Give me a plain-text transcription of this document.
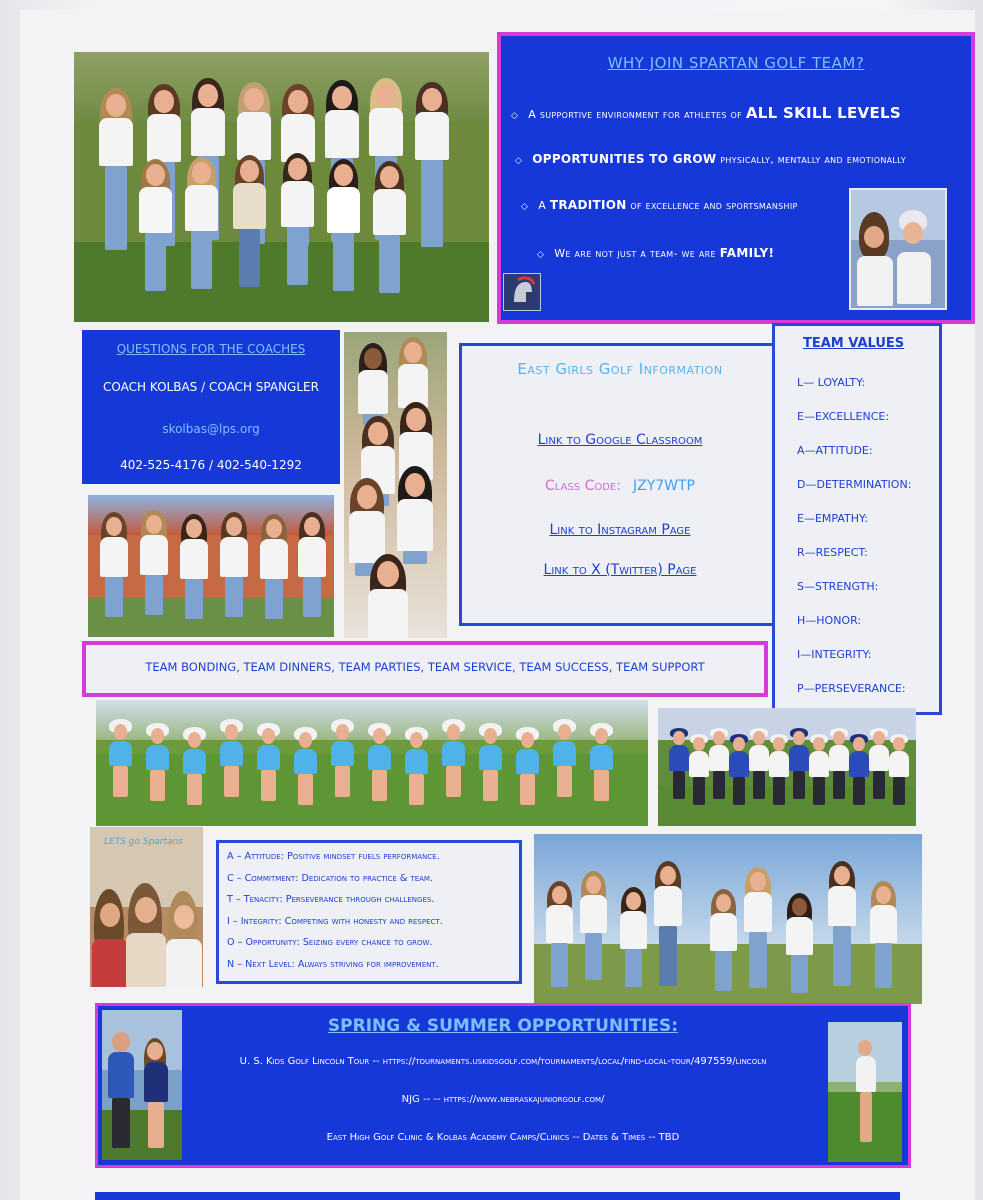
WHY JOIN SPARTAN GOLF TEAM?
◇ A supportive environment for athletes of ALL SKILL LEVELS
◇ OPPORTUNITIES TO GROW physically, mentally and emotionally
◇ A TRADITION of excellence and sportsmanship
◇ We are not just a team- we are FAMILY!
QUESTIONS FOR THE COACHES
COACH KOLBAS / COACH SPANGLER
skolbas@lps.org
402-525-4176 / 402-540-1292
East Girls Golf Information
Link to Google Classroom
Class Code: JZY7WTP
Link to Instagram Page
Link to X (Twitter) Page
TEAM VALUES
L— LOYALTY:
E—EXCELLENCE:
A—ATTITUDE:
D—DETERMINATION:
E—EMPATHY:
R—RESPECT:
S—STRENGTH:
H—HONOR:
I—INTEGRITY:
P—PERSEVERANCE:
TEAM BONDING, TEAM DINNERS, TEAM PARTIES, TEAM SERVICE, TEAM SUCCESS, TEAM SUPPORT
LETS go Spartans
A – Attitude: Positive mindset fuels performance.
C – Commitment: Dedication to practice & team.
T – Tenacity: Perseverance through challenges.
I – Integrity: Competing with honesty and respect.
O – Opportunity: Seizing every chance to grow.
N – Next Level: Always striving for improvement.
SPRING & SUMMER OPPORTUNITIES:
U. S. Kids Golf Lincoln Tour -- https://tournaments.uskidsgolf.com/tournaments/local/find-local-tour/497559/lincoln
NJG -- -- https://www.nebraskajuniorgolf.com/
East High Golf Clinic & Kolbas Academy Camps/Clinics -- Dates & Times -- TBD
